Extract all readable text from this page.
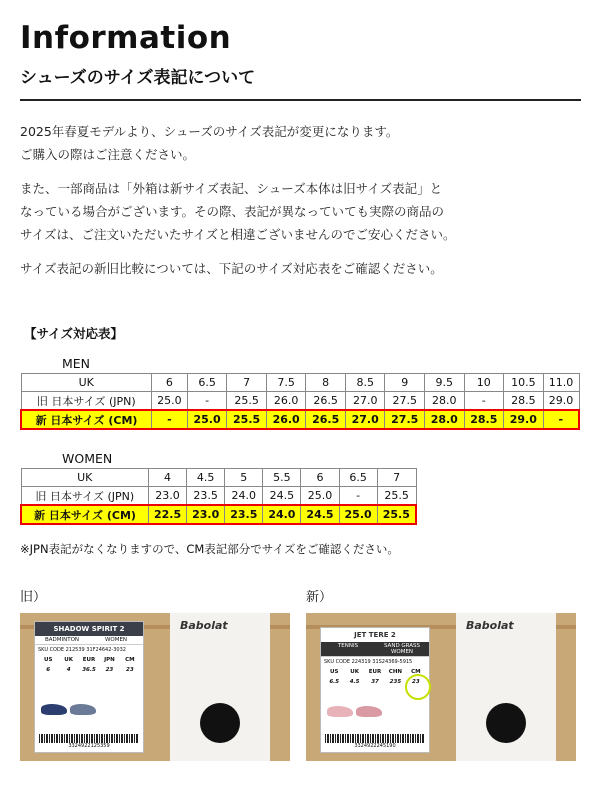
Information
シューズのサイズ表記について
2025年春夏モデルより、シューズのサイズ表記が変更になります。
ご購入の際はご注意ください。
また、一部商品は「外箱は新サイズ表記、シューズ本体は旧サイズ表記」と
なっている場合がございます。その際、表記が異なっていても実際の商品の
サイズは、ご注文いただいたサイズと相違ございませんのでご安心ください。
サイズ表記の新旧比較については、下記のサイズ対応表をご確認ください。
【サイズ対応表】
MEN
UK	6	6.5	7	7.5	8	8.5	9	9.5	10	10.5	11.0
旧 日本サイズ (JPN)	25.0	-	25.5	26.0	26.5	27.0	27.5	28.0	-	28.5	29.0
新 日本サイズ (CM)	-	25.0	25.5	26.0	26.5	27.0	27.5	28.0	28.5	29.0	-
WOMEN
UK	4	4.5	5	5.5	6	6.5	7
旧 日本サイズ (JPN)	23.0	23.5	24.0	24.5	25.0	-	25.5
新 日本サイズ (CM)	22.5	23.0	23.5	24.0	24.5	25.0	25.5
※JPN表記がなくなりますので、CM表記部分でサイズをご確認ください。
旧）	新）
Babolat
SHADOW SPIRIT 2
BADMINTON	WOMEN
SKU CODE 212539 31F24642-3032
US	UK	EUR	JPN	CM
6	4	36.5	23	23
3324922125359
Babolat
JET TERE 2
TENNIS	SAND GRASS WOMEN
SKU CODE 224319 31S24369-5915
US	UK	EUR	CHN	CM
6.5	4.5	37	235	23
3324922245190
